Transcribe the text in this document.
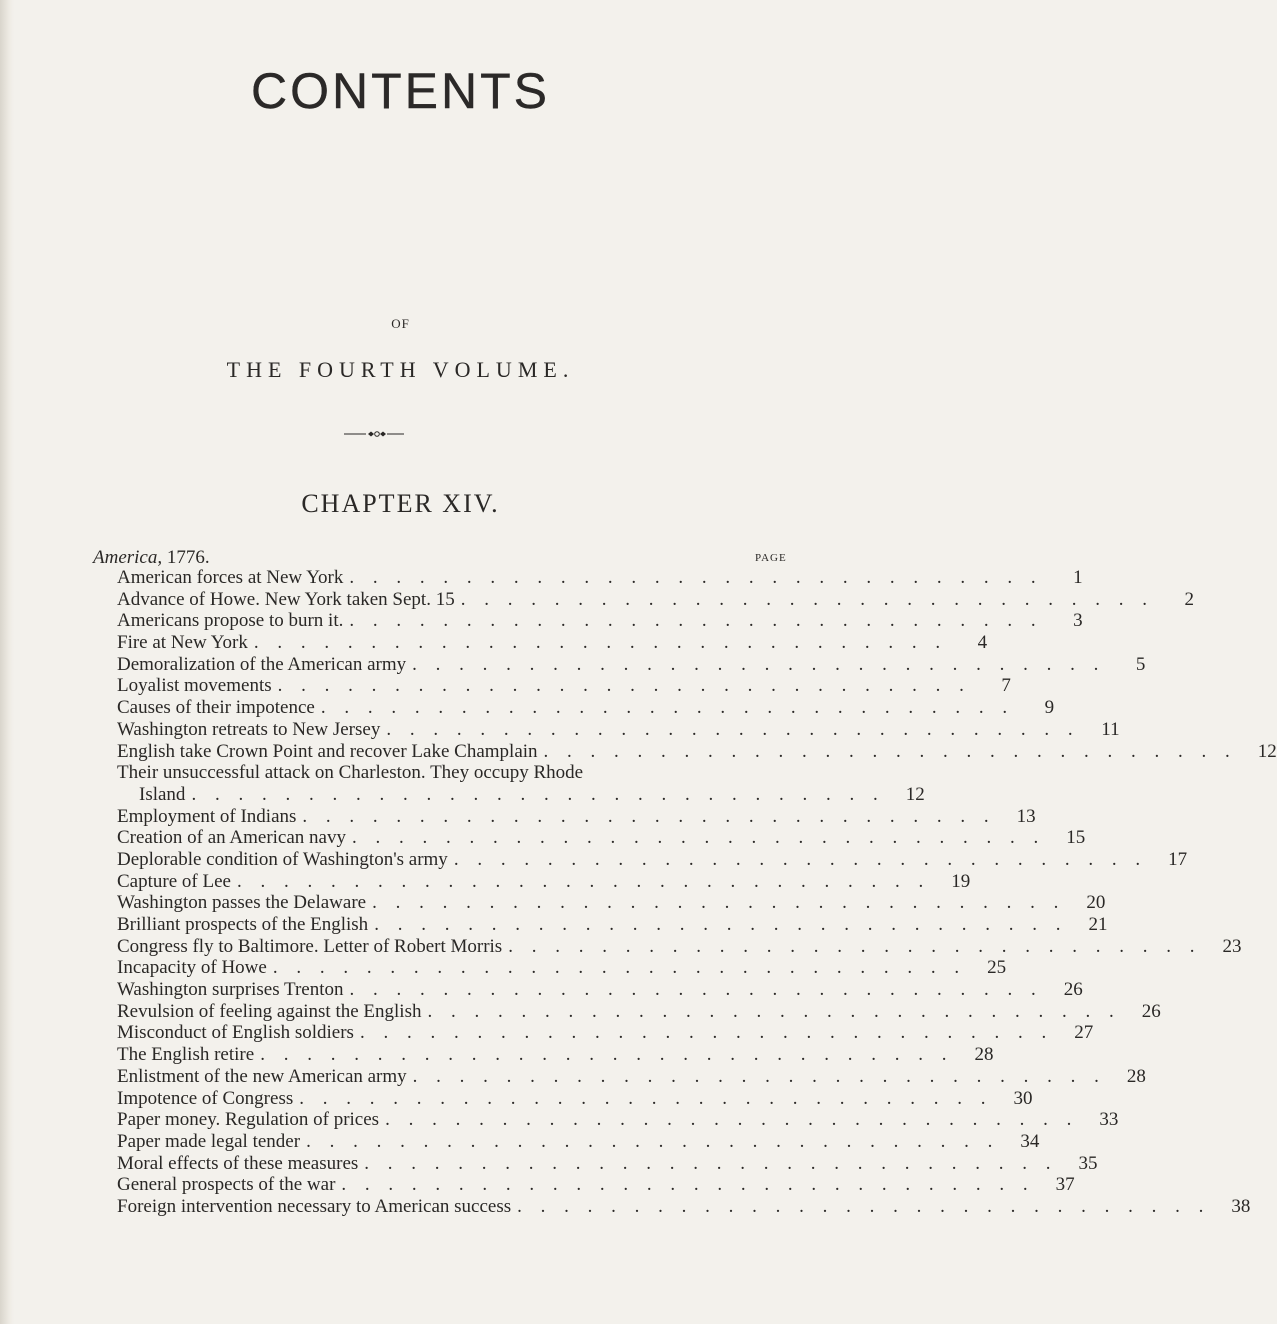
CONTENTS
OF
THE FOURTH VOLUME.
CHAPTER XIV.
America, 1776.	PAGE
American forces at New York . . . . . . . . . . . . . . . . . . . . . . . . . . . . . .	1
Advance of Howe. New York taken Sept. 15 . . . . . . . . . . . . . . . . . . . . . . . . . . . . . .	2
Americans propose to burn it. . . . . . . . . . . . . . . . . . . . . . . . . . . . . . .	3
Fire at New York . . . . . . . . . . . . . . . . . . . . . . . . . . . . . .	4
Demoralization of the American army . . . . . . . . . . . . . . . . . . . . . . . . . . . . . .	5
Loyalist movements . . . . . . . . . . . . . . . . . . . . . . . . . . . . . .	7
Causes of their impotence . . . . . . . . . . . . . . . . . . . . . . . . . . . . . .	9
Washington retreats to New Jersey . . . . . . . . . . . . . . . . . . . . . . . . . . . . . .	11
English take Crown Point and recover Lake Champlain . . . . . . . . . . . . . . . . . . . . . . . . . . . . . .	12
Their unsuccessful attack on Charleston. They occupy Rhode
Island . . . . . . . . . . . . . . . . . . . . . . . . . . . . . .	12
Employment of Indians . . . . . . . . . . . . . . . . . . . . . . . . . . . . . .	13
Creation of an American navy . . . . . . . . . . . . . . . . . . . . . . . . . . . . . .	15
Deplorable condition of Washington's army . . . . . . . . . . . . . . . . . . . . . . . . . . . . . .	17
Capture of Lee . . . . . . . . . . . . . . . . . . . . . . . . . . . . . .	19
Washington passes the Delaware . . . . . . . . . . . . . . . . . . . . . . . . . . . . . .	20
Brilliant prospects of the English . . . . . . . . . . . . . . . . . . . . . . . . . . . . . .	21
Congress fly to Baltimore. Letter of Robert Morris . . . . . . . . . . . . . . . . . . . . . . . . . . . . . .	23
Incapacity of Howe . . . . . . . . . . . . . . . . . . . . . . . . . . . . . .	25
Washington surprises Trenton . . . . . . . . . . . . . . . . . . . . . . . . . . . . . .	26
Revulsion of feeling against the English . . . . . . . . . . . . . . . . . . . . . . . . . . . . . .	26
Misconduct of English soldiers . . . . . . . . . . . . . . . . . . . . . . . . . . . . . .	27
The English retire . . . . . . . . . . . . . . . . . . . . . . . . . . . . . .	28
Enlistment of the new American army . . . . . . . . . . . . . . . . . . . . . . . . . . . . . .	28
Impotence of Congress . . . . . . . . . . . . . . . . . . . . . . . . . . . . . .	30
Paper money. Regulation of prices . . . . . . . . . . . . . . . . . . . . . . . . . . . . . .	33
Paper made legal tender . . . . . . . . . . . . . . . . . . . . . . . . . . . . . .	34
Moral effects of these measures . . . . . . . . . . . . . . . . . . . . . . . . . . . . . .	35
General prospects of the war . . . . . . . . . . . . . . . . . . . . . . . . . . . . . .	37
Foreign intervention necessary to American success . . . . . . . . . . . . . . . . . . . . . . . . . . . . . .	38
